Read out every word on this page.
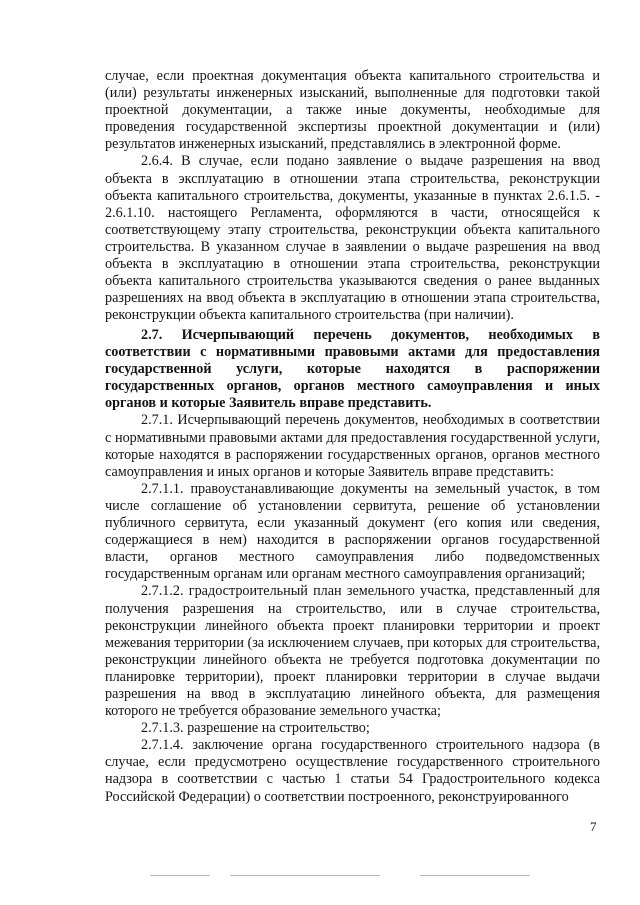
случае, если проектная документация объекта капитального строительства и (или) результаты инженерных изысканий, выполненные для подготовки такой проектной документации, а также иные документы, необходимые для проведения государственной экспертизы проектной документации и (или) результатов инженерных изысканий, представлялись в электронной форме.

2.6.4. В случае, если подано заявление о выдаче разрешения на ввод объекта в эксплуатацию в отношении этапа строительства, реконструкции объекта капитального строительства, документы, указанные в пунктах 2.6.1.5. - 2.6.1.10. настоящего Регламента, оформляются в части, относящейся к соответствующему этапу строительства, реконструкции объекта капитального строительства. В указанном случае в заявлении о выдаче разрешения на ввод объекта в эксплуатацию в отношении этапа строительства, реконструкции объекта капитального строительства указываются сведения о ранее выданных разрешениях на ввод объекта в эксплуатацию в отношении этапа строительства, реконструкции объекта капитального строительства (при наличии).

2.7. Исчерпывающий перечень документов, необходимых в соответствии с нормативными правовыми актами для предоставления государственной услуги, которые находятся в распоряжении государственных органов, органов местного самоуправления и иных органов и которые Заявитель вправе представить.

2.7.1. Исчерпывающий перечень документов, необходимых в соответствии с нормативными правовыми актами для предоставления государственной услуги, которые находятся в распоряжении государственных органов, органов местного самоуправления и иных органов и которые Заявитель вправе представить:

2.7.1.1. правоустанавливающие документы на земельный участок, в том числе соглашение об установлении сервитута, решение об установлении публичного сервитута, если указанный документ (его копия или сведения, содержащиеся в нем) находится в распоряжении органов государственной власти, органов местного самоуправления либо подведомственных государственным органам или органам местного самоуправления организаций;

2.7.1.2. градостроительный план земельного участка, представленный для получения разрешения на строительство, или в случае строительства, реконструкции линейного объекта проект планировки территории и проект межевания территории (за исключением случаев, при которых для строительства, реконструкции линейного объекта не требуется подготовка документации по планировке территории), проект планировки территории в случае выдачи разрешения на ввод в эксплуатацию линейного объекта, для размещения которого не требуется образование земельного участка;

2.7.1.3. разрешение на строительство;

2.7.1.4. заключение органа государственного строительного надзора (в случае, если предусмотрено осуществление государственного строительного надзора в соответствии с частью 1 статьи 54 Градостроительного кодекса Российской Федерации) о соответствии построенного, реконструированного

7
